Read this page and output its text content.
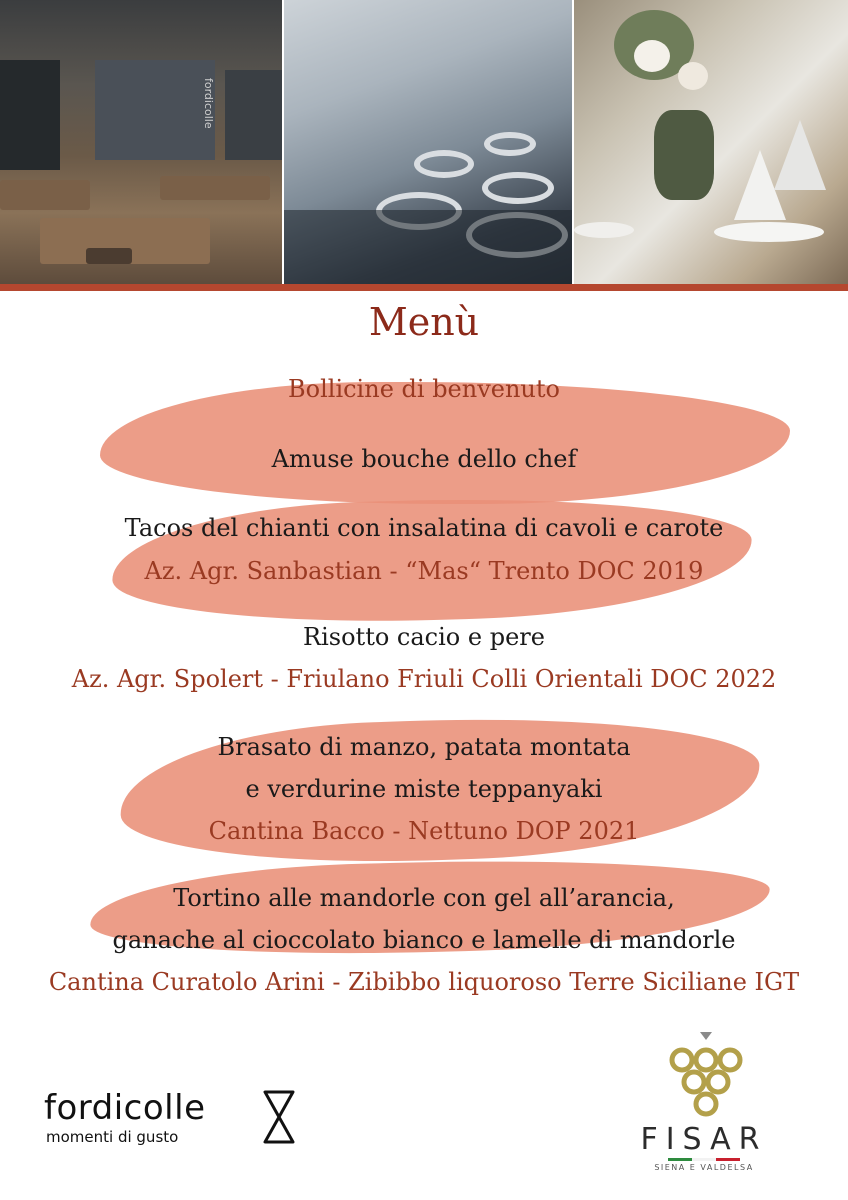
fordicolle
Menù
Bollicine di benvenuto
Amuse bouche dello chef
Tacos del chianti con insalatina di cavoli e carote
Az. Agr. Sanbastian - “Mas“ Trento DOC 2019
Risotto cacio e pere
Az. Agr. Spolert - Friulano Friuli Colli Orientali DOC 2022
Brasato di manzo, patata montata
e verdurine miste teppanyaki
Cantina Bacco - Nettuno DOP 2021
Tortino alle mandorle con gel all’arancia,
ganache al cioccolato bianco e lamelle di mandorle
Cantina Curatolo Arini - Zibibbo liquoroso Terre Siciliane IGT
fordicolle
momenti di gusto	FISAR
SIENA E VALDELSA
